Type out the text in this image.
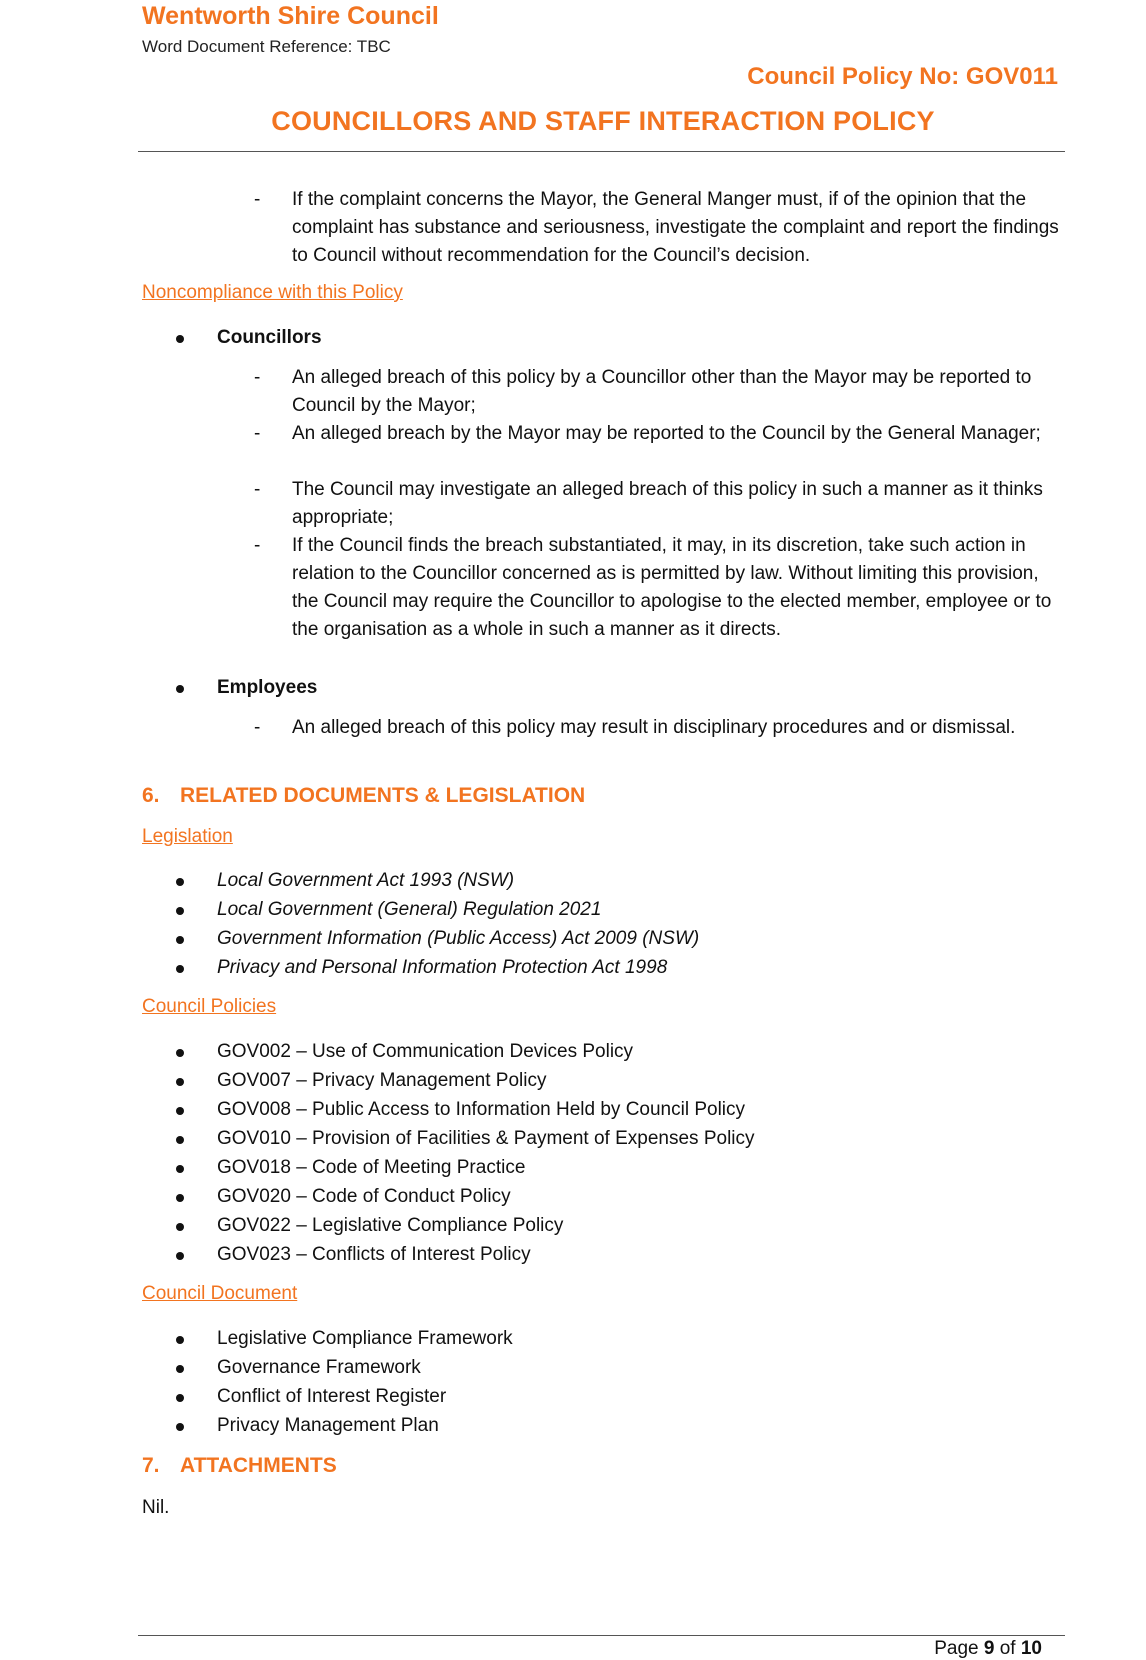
Wentworth Shire Council
Word Document Reference: TBC
Council Policy No: GOV011
COUNCILLORS AND STAFF INTERACTION POLICY
-	If the complaint concerns the Mayor, the General Manger must, if of the opinion that the complaint has substance and seriousness, investigate the complaint and report the findings to Council without recommendation for the Council’s decision.
Noncompliance with this Policy
Councillors
-	An alleged breach of this policy by a Councillor other than the Mayor may be reported to Council by the Mayor;
-	An alleged breach by the Mayor may be reported to the Council by the General Manager;
-	The Council may investigate an alleged breach of this policy in such a manner as it thinks appropriate;
-	If the Council finds the breach substantiated, it may, in its discretion, take such action in relation to the Councillor concerned as is permitted by law. Without limiting this provision, the Council may require the Councillor to apologise to the elected member, employee or to the organisation as a whole in such a manner as it directs.
Employees
-	An alleged breach of this policy may result in disciplinary procedures and or dismissal.
6. RELATED DOCUMENTS & LEGISLATION
Legislation
Local Government Act 1993 (NSW)
Local Government (General) Regulation 2021
Government Information (Public Access) Act 2009 (NSW)
Privacy and Personal Information Protection Act 1998
Council Policies
GOV002 – Use of Communication Devices Policy
GOV007 – Privacy Management Policy
GOV008 – Public Access to Information Held by Council Policy
GOV010 – Provision of Facilities & Payment of Expenses Policy
GOV018 – Code of Meeting Practice
GOV020 – Code of Conduct Policy
GOV022 – Legislative Compliance Policy
GOV023 – Conflicts of Interest Policy
Council Document
Legislative Compliance Framework
Governance Framework
Conflict of Interest Register
Privacy Management Plan
7. ATTACHMENTS
Nil.
Page 9 of 10
